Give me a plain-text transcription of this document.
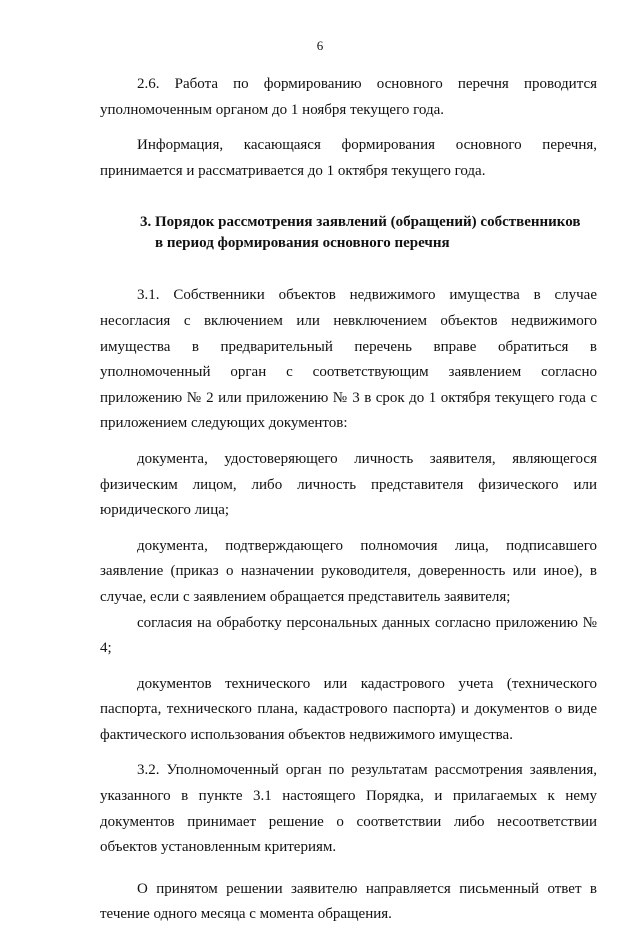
6

2.6. Работа по формированию основного перечня проводится уполномоченным органом до 1 ноября текущего года.

Информация, касающаяся формирования основного перечня, принимается и рассматривается до 1 октября текущего года.

3. Порядок рассмотрения заявлений (обращений) собственников
в период формирования основного перечня

3.1. Собственники объектов недвижимого имущества в случае несогласия с включением или невключением объектов недвижимого имущества в предварительный перечень вправе обратиться в уполномоченный орган с соответствующим заявлением согласно приложению № 2 или приложению № 3 в срок до 1 октября текущего года с приложением следующих документов:

документа, удостоверяющего личность заявителя, являющегося физическим лицом, либо личность представителя физического или юридического лица;

документа, подтверждающего полномочия лица, подписавшего заявление (приказ о назначении руководителя, доверенность или иное), в случае, если с заявлением обращается представитель заявителя;

согласия на обработку персональных данных согласно приложению № 4;

документов технического или кадастрового учета (технического паспорта, технического плана, кадастрового паспорта) и документов о виде фактического использования объектов недвижимого имущества.

3.2. Уполномоченный орган по результатам рассмотрения заявления, указанного в пункте 3.1 настоящего Порядка, и прилагаемых к нему документов принимает решение о соответствии либо несоответствии объектов установленным критериям.

О принятом решении заявителю направляется письменный ответ в течение одного месяца с момента обращения.
